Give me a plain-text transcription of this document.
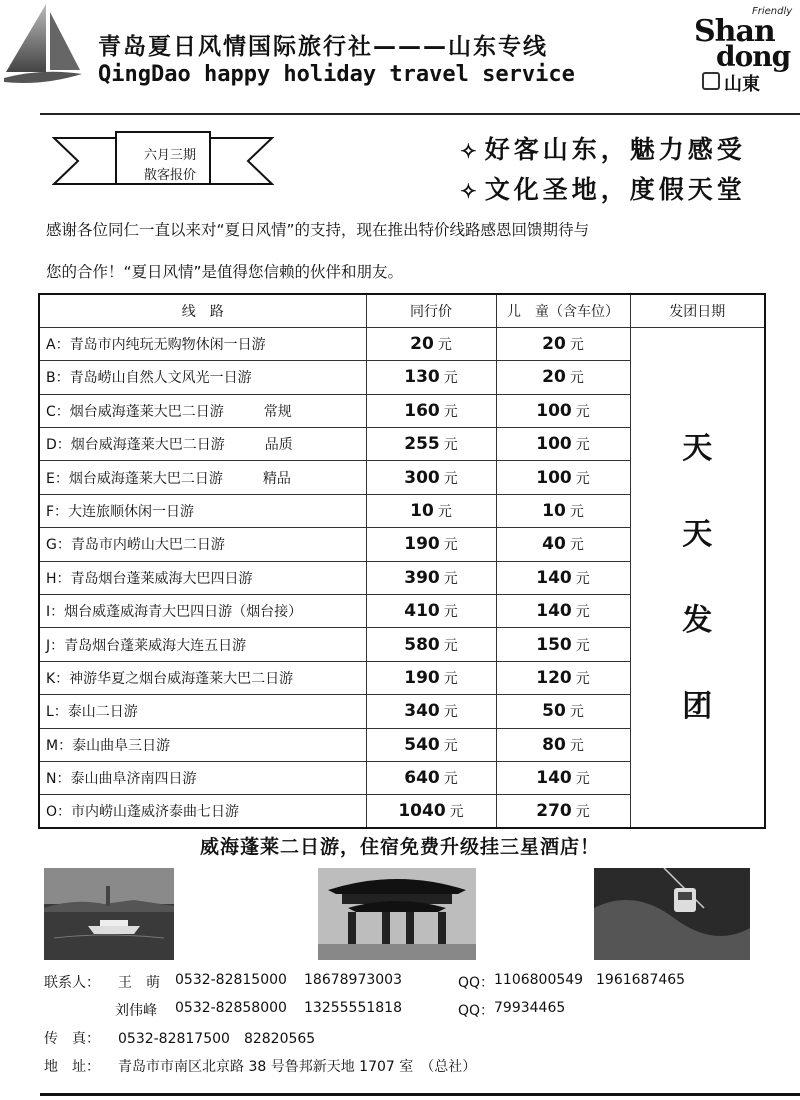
青岛夏日风情国际旅行社———山东专线
QingDao happy holiday travel service
Friendly
Shan
dong
山東
六月三期
散客报价
✧ 好客山东，魅力感受
✧ 文化圣地，度假天堂
感谢各位同仁一直以来对“夏日风情”的支持，现在推出特价线路感恩回馈期待与
您的合作！“夏日风情”是值得您信赖的伙伴和朋友。
线　路	同行价	儿　童（含车位）	发团日期
A：青岛市内纯玩无购物休闲一日游	20 元	20 元	天
天
发
团

B：青岛崂山自然人文风光一日游	130 元	20 元	
C：烟台威海蓬莱大巴二日游 常规	160 元	100 元	
D：烟台威海蓬莱大巴二日游 品质	255 元	100 元	
E：烟台威海蓬莱大巴二日游 精品	300 元	100 元	
F：大连旅顺休闲一日游	10 元	10 元	
G：青岛市内崂山大巴二日游	190 元	40 元	
H：青岛烟台蓬莱威海大巴四日游	390 元	140 元	
I：烟台威蓬威海青大巴四日游（烟台接）	410 元	140 元	
J：青岛烟台蓬莱威海大连五日游	580 元	150 元	
K：神游华夏之烟台威海蓬莱大巴二日游	190 元	120 元	
L：泰山二日游	340 元	50 元	
M：泰山曲阜三日游	540 元	80 元	
N：泰山曲阜济南四日游	640 元	140 元	
O：市内崂山蓬威济泰曲七日游	1040 元	270 元	
威海蓬莱二日游，住宿免费升级挂三星酒店！
联系人： 王　萌 0532-82815000 18678973003	QQ： 1106800549 1961687465
刘伟峰 0532-82858000 13255551818	QQ： 79934465
传　真： 0532-82817500　82820565
地　址： 青岛市市南区北京路 38 号鲁邦新天地 1707 室　（总社）
